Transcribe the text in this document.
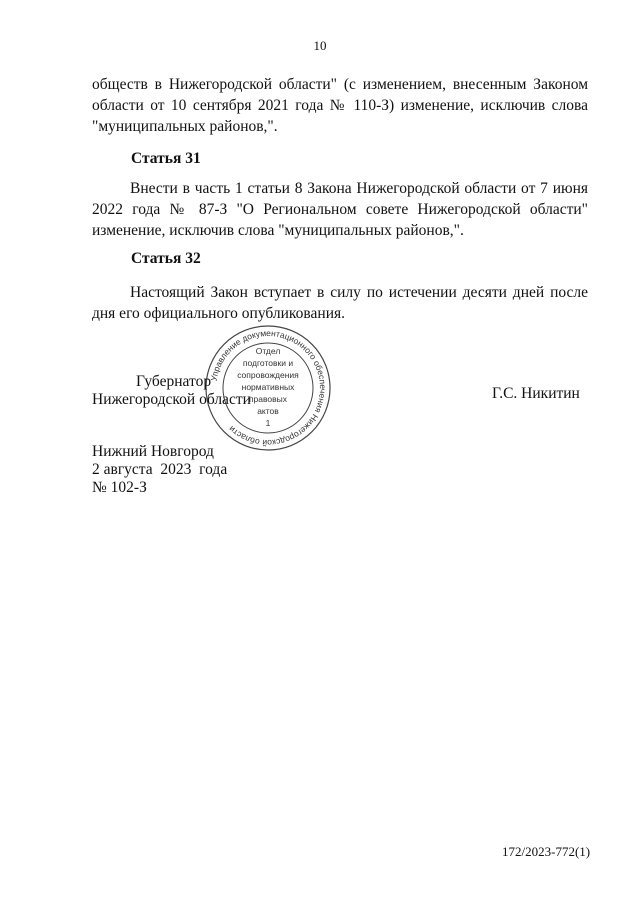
10
обществ в Нижегородской области" (с изменением, внесенным Законом
области от 10 сентября 2021 года № 110-З) изменение, исключив слова
"муниципальных районов,".
Статья 31
Внести в часть 1 статьи 8 Закона Нижегородской области от 7 июня
2022 года № 87-З "О Региональном совете Нижегородской области"
изменение, исключив слова "муниципальных районов,".
Статья 32
Настоящий Закон вступает в силу по истечении десяти дней после
дня его официального опубликования.
Управление документационного обеспечения Нижегородской области
Отдел
подготовки и
сопровождения
нормативных
правовых
актов
1
Губернатор
Нижегородской области	Г.С. Никитин
Нижний Новгород
2 августа  2023  года
№ 102-З
172/2023-772(1)
